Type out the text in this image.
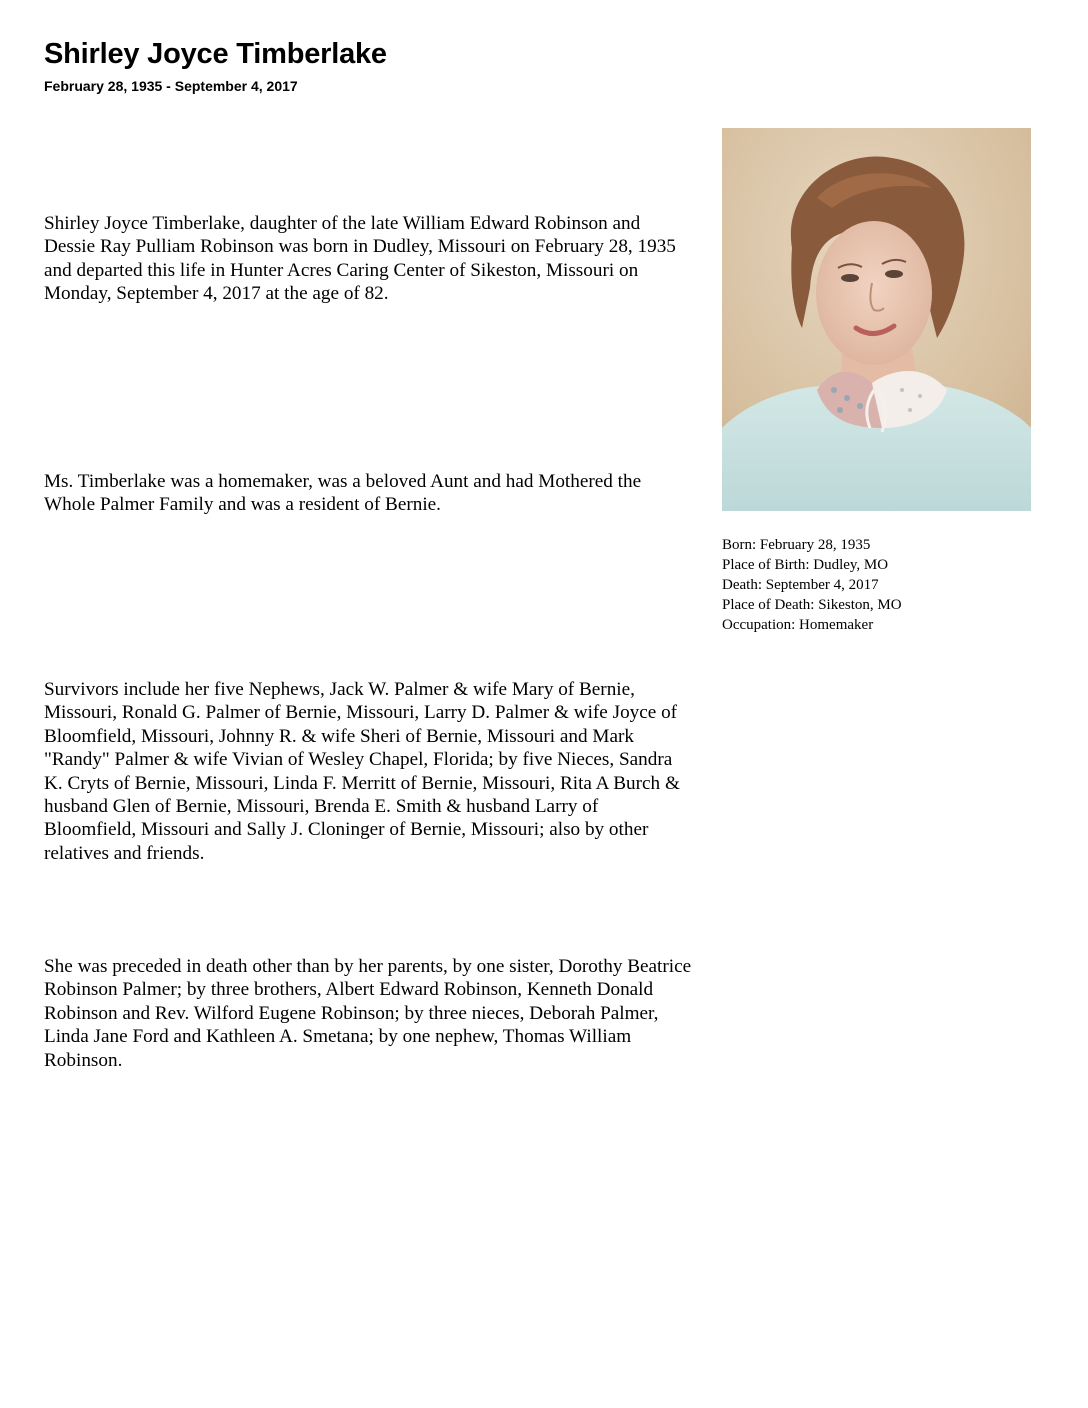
Shirley Joyce Timberlake
February 28, 1935 - September 4, 2017

Shirley Joyce Timberlake, daughter of the late William Edward Robinson and Dessie Ray Pulliam Robinson was born in Dudley, Missouri on February 28, 1935 and departed this life in Hunter Acres Caring Center of Sikeston, Missouri on Monday, September 4, 2017 at the age of 82.

Ms. Timberlake was a homemaker, was a beloved Aunt and had Mothered the Whole Palmer Family and was a resident of Bernie.

Survivors include her five Nephews, Jack W. Palmer & wife Mary of Bernie, Missouri, Ronald G. Palmer of Bernie, Missouri, Larry D. Palmer & wife Joyce of Bloomfield, Missouri, Johnny R. & wife Sheri of Bernie, Missouri and Mark "Randy" Palmer & wife Vivian of Wesley Chapel, Florida; by five Nieces, Sandra K. Cryts of Bernie, Missouri, Linda F. Merritt of Bernie, Missouri, Rita A Burch & husband Glen of Bernie, Missouri, Brenda E. Smith & husband Larry of Bloomfield, Missouri and Sally J. Cloninger of Bernie, Missouri; also by other relatives and friends.

She was preceded in death other than by her parents, by one sister, Dorothy Beatrice Robinson Palmer; by three brothers, Albert Edward Robinson, Kenneth Donald Robinson and Rev. Wilford Eugene Robinson; by three nieces, Deborah Palmer, Linda Jane Ford and Kathleen A. Smetana; by one nephew, Thomas William Robinson.

Born: February 28, 1935
Place of Birth: Dudley, MO
Death: September 4, 2017
Place of Death: Sikeston, MO
Occupation: Homemaker
